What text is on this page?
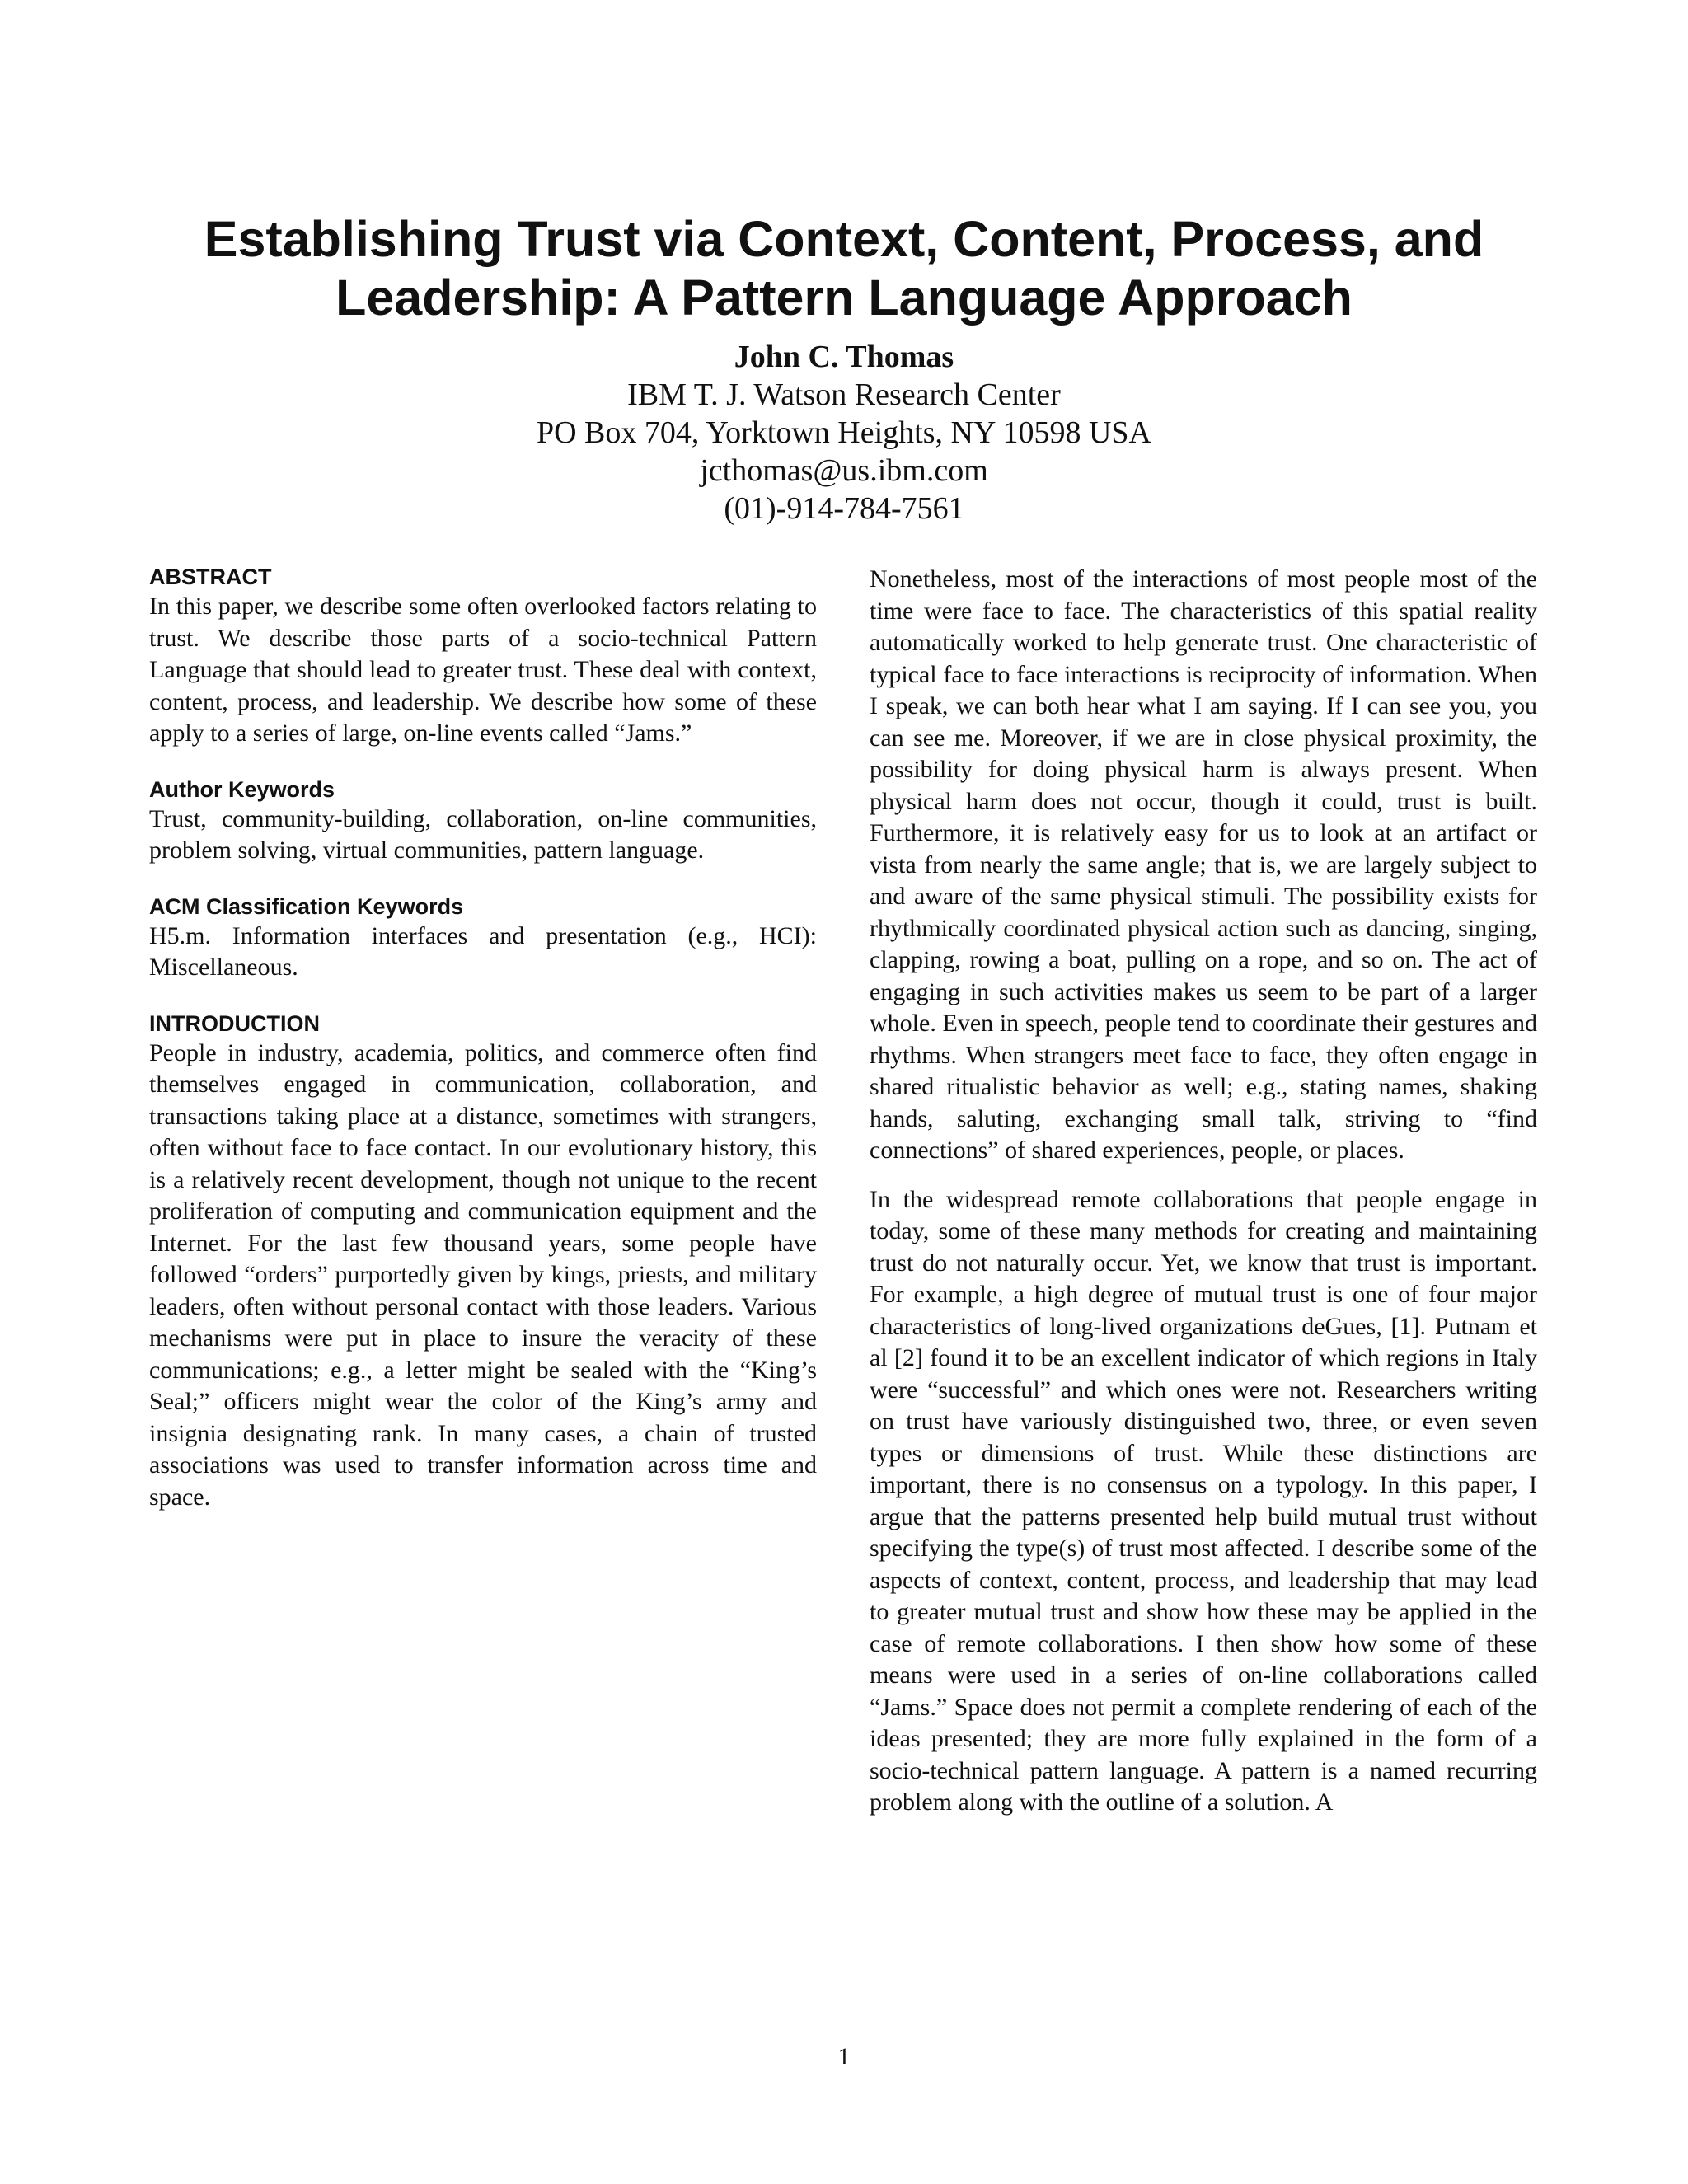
Establishing Trust via Context, Content, Process, and
Leadership: A Pattern Language Approach
John C. Thomas
IBM T. J. Watson Research Center
PO Box 704, Yorktown Heights, NY 10598 USA
jcthomas@us.ibm.com
(01)-914-784-7561
ABSTRACT

In this paper, we describe some often overlooked factors relating to trust. We describe those parts of a socio-technical Pattern Language that should lead to greater trust. These deal with context, content, process, and leadership. We describe how some of these apply to a series of large, on-line events called “Jams.”

Author Keywords

Trust, community-building, collaboration, on-line communities, problem solving, virtual communities, pattern language.

ACM Classification Keywords

H5.m. Information interfaces and presentation (e.g., HCI): Miscellaneous.

INTRODUCTION

People in industry, academia, politics, and commerce often find themselves engaged in communication, collaboration, and transactions taking place at a distance, sometimes with strangers, often without face to face contact. In our evolutionary history, this is a relatively recent development, though not unique to the recent proliferation of computing and communication equipment and the Internet. For the last few thousand years, some people have followed “orders” purportedly given by kings, priests, and military leaders, often without personal contact with those leaders. Various mechanisms were put in place to insure the veracity of these communications; e.g., a letter might be sealed with the “King’s Seal;” officers might wear the color of the King’s army and insignia designating rank. In many cases, a chain of trusted associations was used to transfer information across time and space.

Nonetheless, most of the interactions of most people most of the time were face to face. The characteristics of this spatial reality automatically worked to help generate trust. One characteristic of typical face to face interactions is reciprocity of information. When I speak, we can both hear what I am saying. If I can see you, you can see me. Moreover, if we are in close physical proximity, the possibility for doing physical harm is always present. When physical harm does not occur, though it could, trust is built. Furthermore, it is relatively easy for us to look at an artifact or vista from nearly the same angle; that is, we are largely subject to and aware of the same physical stimuli. The possibility exists for rhythmically coordinated physical action such as dancing, singing, clapping, rowing a boat, pulling on a rope, and so on. The act of engaging in such activities makes us seem to be part of a larger whole. Even in speech, people tend to coordinate their gestures and rhythms. When strangers meet face to face, they often engage in shared ritualistic behavior as well; e.g., stating names, shaking hands, saluting, exchanging small talk, striving to “find connections” of shared experiences, people, or places.

In the widespread remote collaborations that people engage in today, some of these many methods for creating and maintaining trust do not naturally occur. Yet, we know that trust is important. For example, a high degree of mutual trust is one of four major characteristics of long-lived organizations deGues, [1]. Putnam et al [2] found it to be an excellent indicator of which regions in Italy were “successful” and which ones were not. Researchers writing on trust have variously distinguished two, three, or even seven types or dimensions of trust. While these distinctions are important, there is no consensus on a typology. In this paper, I argue that the patterns presented help build mutual trust without specifying the type(s) of trust most affected. I describe some of the aspects of context, content, process, and leadership that may lead to greater mutual trust and show how these may be applied in the case of remote collaborations. I then show how some of these means were used in a series of on-line collaborations called “Jams.” Space does not permit a complete rendering of each of the ideas presented; they are more fully explained in the form of a socio-technical pattern language. A pattern is a named recurring problem along with the outline of a solution. A

1
